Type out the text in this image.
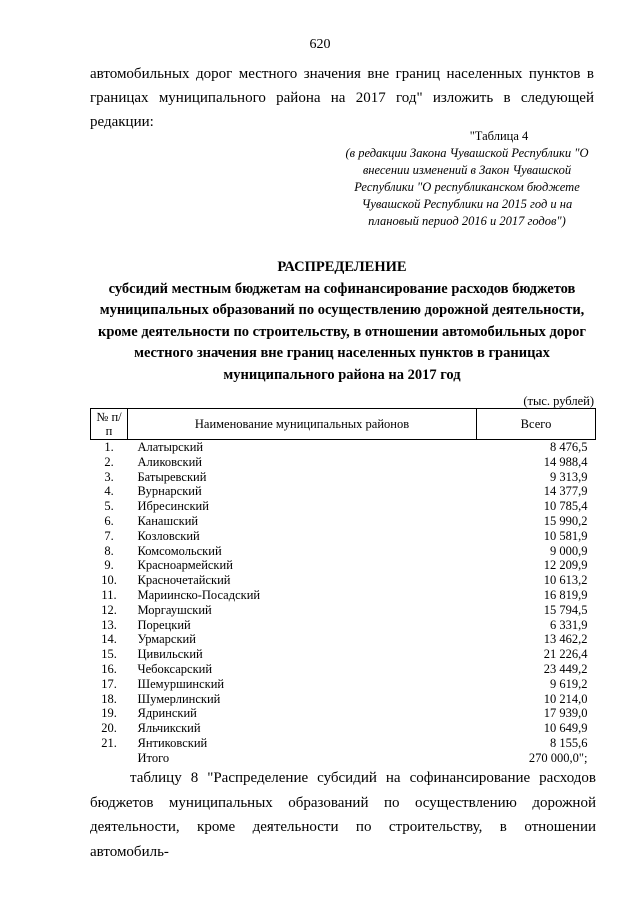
620

автомобильных дорог местного значения вне границ населенных пунктов в границах муниципального района на 2017 год" изложить в следующей редакции:

"Таблица 4
(в редакции Закона Чувашской Республики "О внесении изменений в Закон Чувашской Республики "О республиканском бюджете Чувашской Республики на 2015 год и на плановый период 2016 и 2017 годов")
РАСПРЕДЕЛЕНИЕ
субсидий местным бюджетам на софинансирование расходов бюджетов муниципальных образований по осуществлению дорожной деятельности, кроме деятельности по строительству, в отношении автомобильных дорог местного значения вне границ населенных пунктов в границах муниципального района на 2017 год
(тыс. рублей)
№ п/п	Наименование муниципальных районов	Всего
1.	Алатырский	8 476,5
2.	Аликовский	14 988,4
3.	Батыревский	9 313,9
4.	Вурнарский	14 377,9
5.	Ибресинский	10 785,4
6.	Канашский	15 990,2
7.	Козловский	10 581,9
8.	Комсомольский	9 000,9
9.	Красноармейский	12 209,9
10.	Красночетайский	10 613,2
11.	Мариинско-Посадский	16 819,9
12.	Моргаушский	15 794,5
13.	Порецкий	6 331,9
14.	Урмарский	13 462,2
15.	Цивильский	21 226,4
16.	Чебоксарский	23 449,2
17.	Шемуршинский	9 619,2
18.	Шумерлинский	10 214,0
19.	Ядринский	17 939,0
20.	Яльчикский	10 649,9
21.	Янтиковский	8 155,6
	Итого	270 000,0";

таблицу 8 "Распределение субсидий на софинансирование расходов бюджетов муниципальных образований по осуществлению дорожной деятельности, кроме деятельности по строительству, в отношении автомобиль-
